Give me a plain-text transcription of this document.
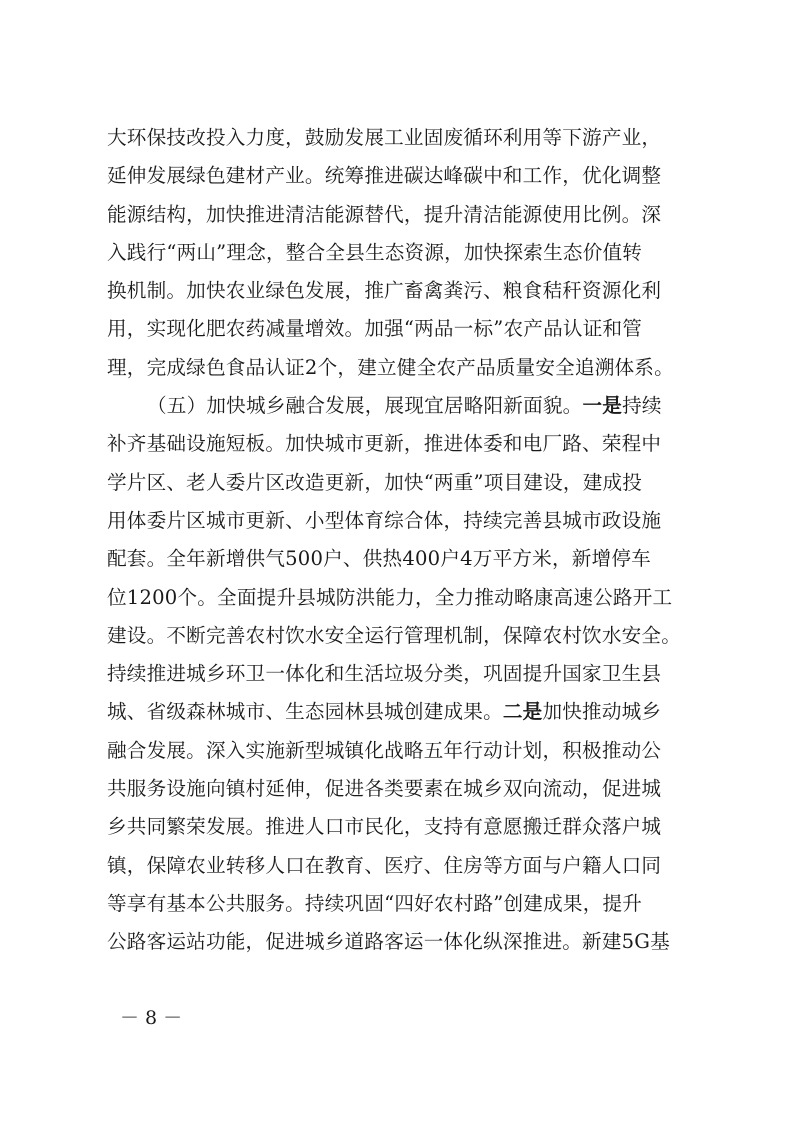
大环保技改投入力度，鼓励发展工业固废循环利用等下游产业，
延伸发展绿色建材产业。统筹推进碳达峰碳中和工作，优化调整
能源结构，加快推进清洁能源替代，提升清洁能源使用比例。深
入践行“两山”理念，整合全县生态资源，加快探索生态价值转
换机制。加快农业绿色发展，推广畜禽粪污、粮食秸秆资源化利
用，实现化肥农药减量增效。加强“两品一标”农产品认证和管
理，完成绿色食品认证2个，建立健全农产品质量安全追溯体系。
（五）加快城乡融合发展，展现宜居略阳新面貌。一是持续
补齐基础设施短板。加快城市更新，推进体委和电厂路、荣程中
学片区、老人委片区改造更新，加快“两重”项目建设，建成投
用体委片区城市更新、小型体育综合体，持续完善县城市政设施
配套。全年新增供气500户、供热400户4万平方米，新增停车
位1200个。全面提升县城防洪能力，全力推动略康高速公路开工
建设。不断完善农村饮水安全运行管理机制，保障农村饮水安全。
持续推进城乡环卫一体化和生活垃圾分类，巩固提升国家卫生县
城、省级森林城市、生态园林县城创建成果。二是加快推动城乡
融合发展。深入实施新型城镇化战略五年行动计划，积极推动公
共服务设施向镇村延伸，促进各类要素在城乡双向流动，促进城
乡共同繁荣发展。推进人口市民化，支持有意愿搬迁群众落户城
镇，保障农业转移人口在教育、医疗、住房等方面与户籍人口同
等享有基本公共服务。持续巩固“四好农村路”创建成果，提升
公路客运站功能，促进城乡道路客运一体化纵深推进。新建5G基
－ 8 －
